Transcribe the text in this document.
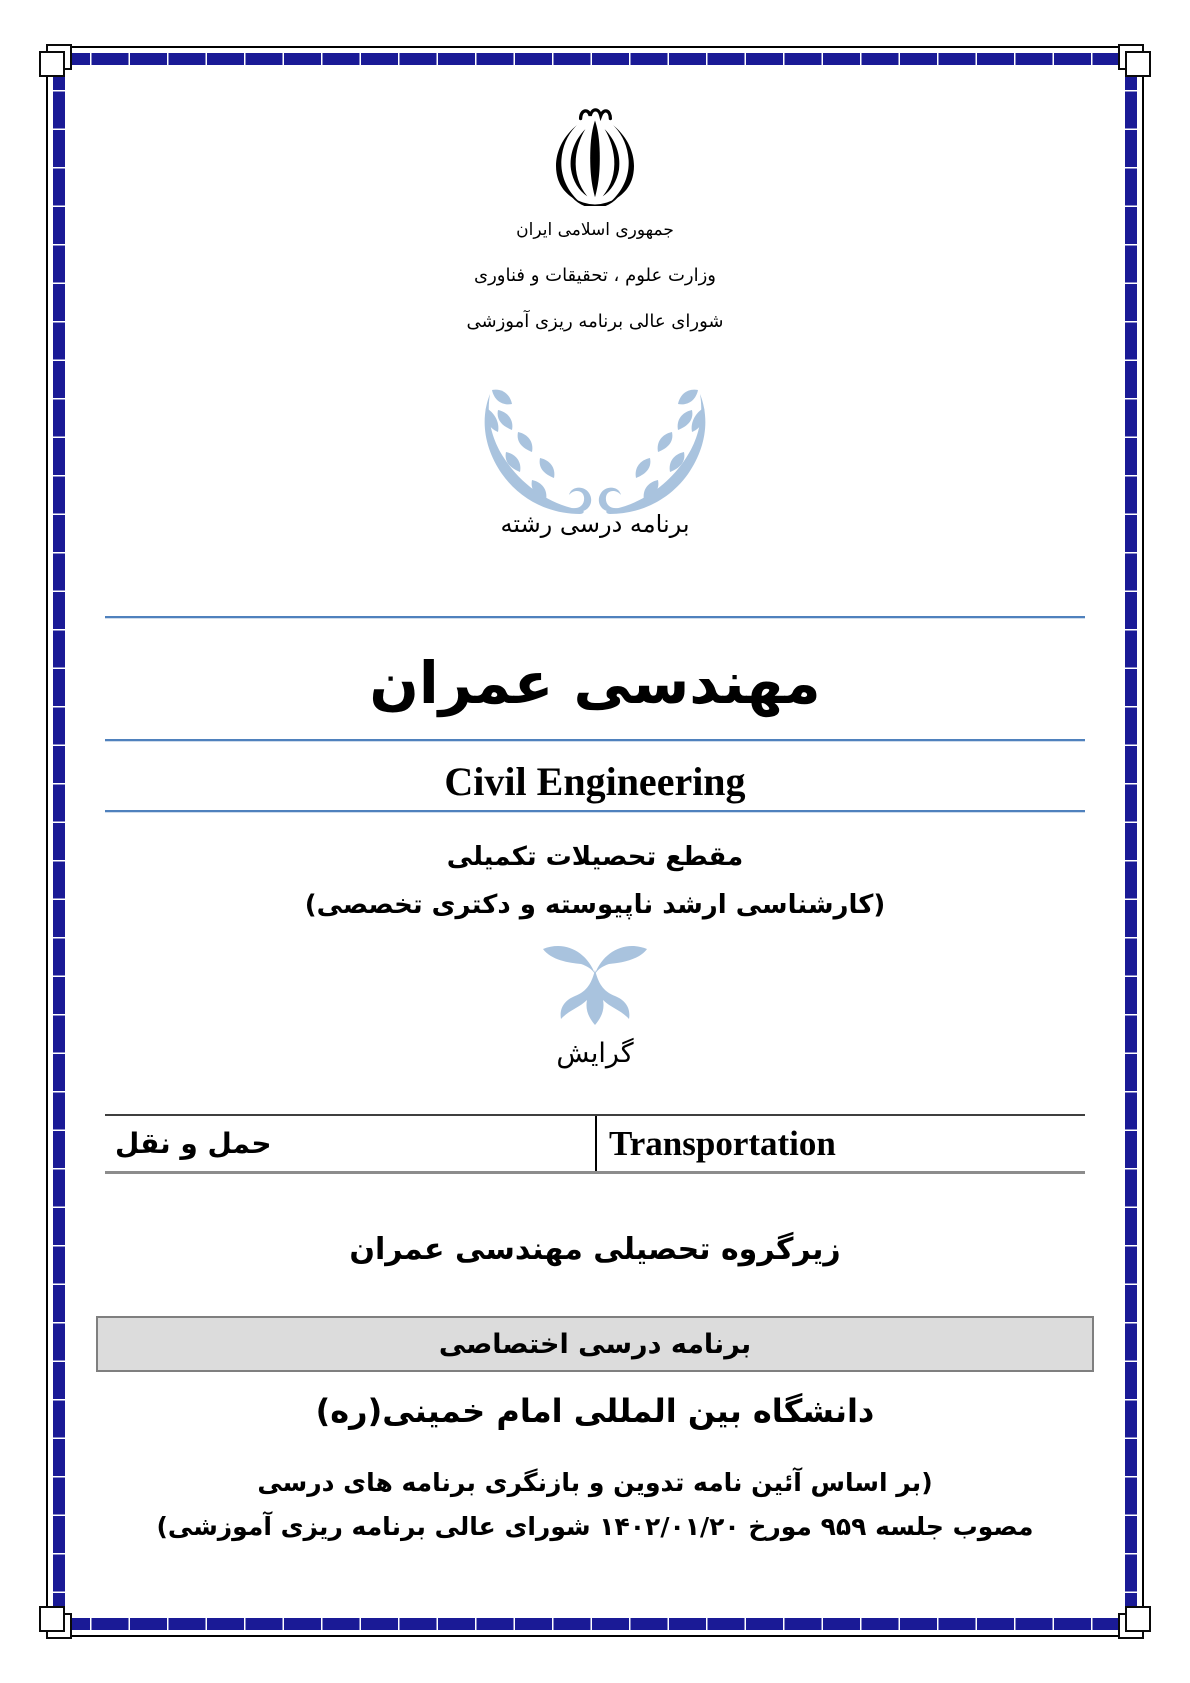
جمهوری اسلامی ایران
وزارت علوم ، تحقیقات و فناوری
شورای عالی برنامه ریزی آموزشی
برنامه درسی رشته
مهندسی عمران
Civil Engineering
مقطع تحصیلات تکمیلی
(کارشناسی ارشد ناپیوسته و دکتری تخصصی)
گرایش
حمل و نقل	Transportation
زیرگروه تحصیلی مهندسی عمران
برنامه درسی اختصاصی
دانشگاه بین المللی امام خمینی(ره)
(بر اساس آئین نامه تدوین و بازنگری برنامه های درسی
مصوب جلسه ۹۵۹ مورخ ۱۴۰۲/۰۱/۲۰ شورای عالی برنامه ریزی آموزشی)
